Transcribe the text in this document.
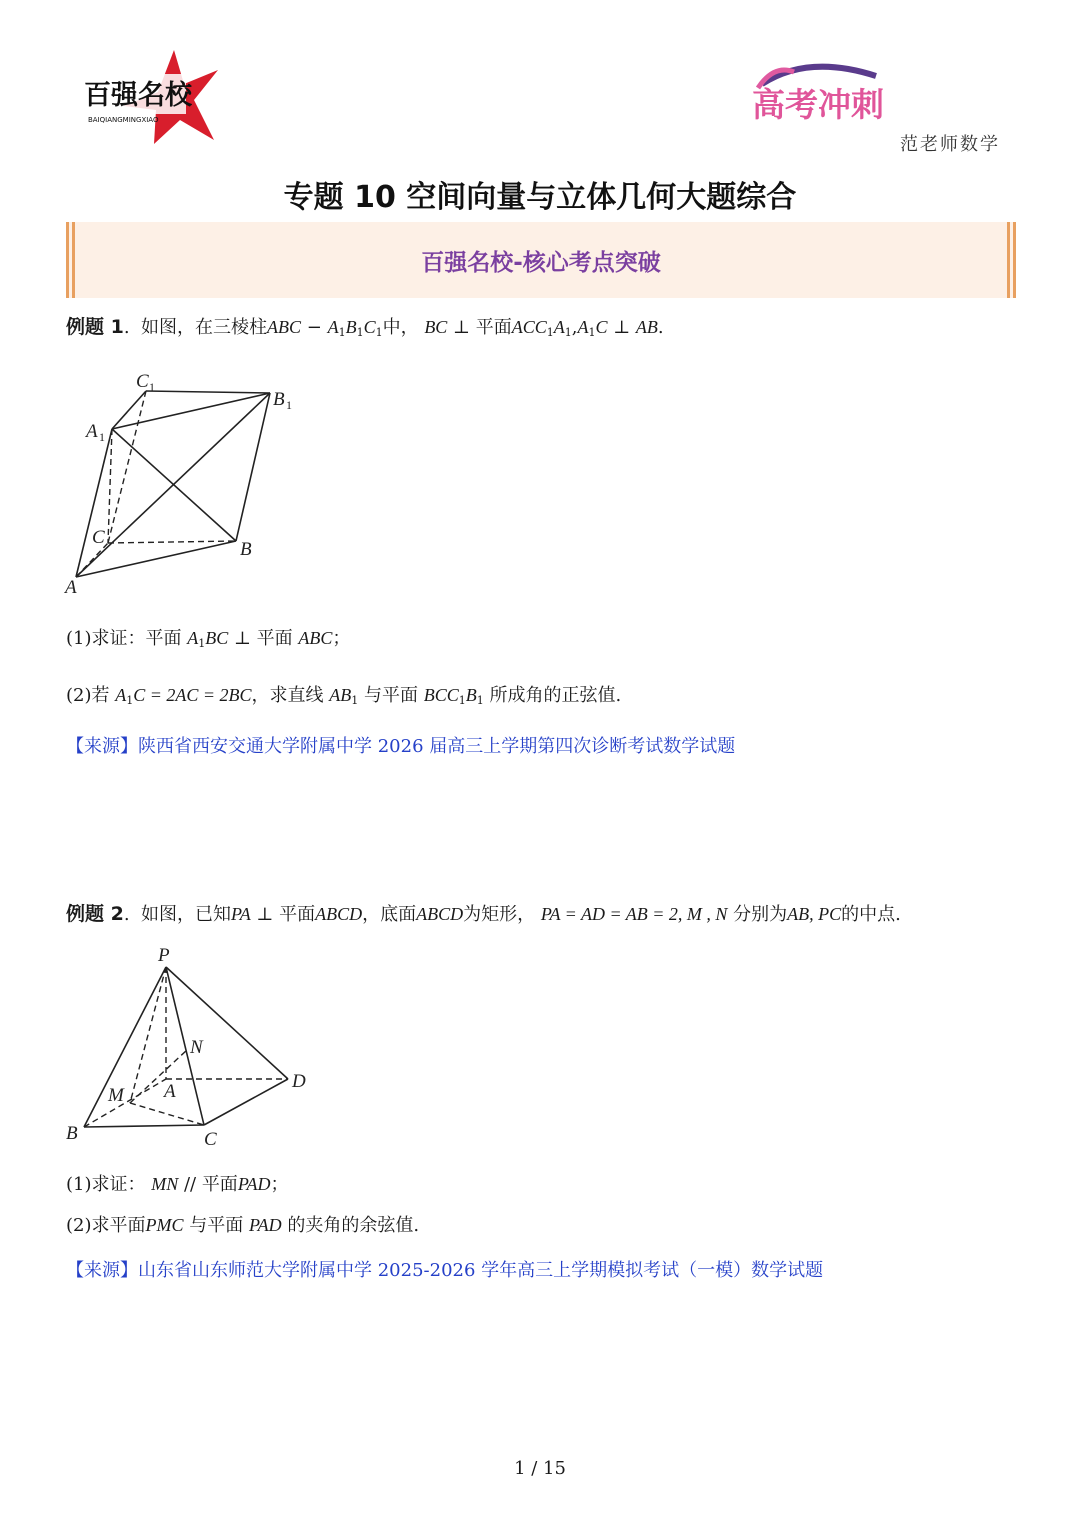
百强名校
BAIQIANGMINGXIAO	高考冲刺
范老师数学
专题 10 空间向量与立体几何大题综合
百强名校-核心考点突破
例题 1. 如图，在三棱柱ABC − $A_1B_1C_1$中， BC ⊥ 平面$ACC_1A_1,A_1C$ ⊥ AB.
C 1
B 1
A 1
C
B
A
(1)求证：平面 $A_1BC$ ⊥ 平面 ABC；
(2)若 $A_1C = 2AC = 2BC$，求直线 $AB_1$ 与平面 $BCC_1B_1$ 所成角的正弦值.
【来源】陕西省西安交通大学附属中学 2026 届高三上学期第四次诊断考试数学试题
例题 2. 如图，已知PA ⊥ 平面ABCD，底面ABCD为矩形， PA = AD = AB = 2, M , N 分别为AB, PC的中点.
P
N
D
M A
B	C
(1)求证： MN // 平面PAD；
(2)求平面PMC 与平面 PAD 的夹角的余弦值.
【来源】山东省山东师范大学附属中学 2025-2026 学年高三上学期模拟考试（一模）数学试题
1 / 15
